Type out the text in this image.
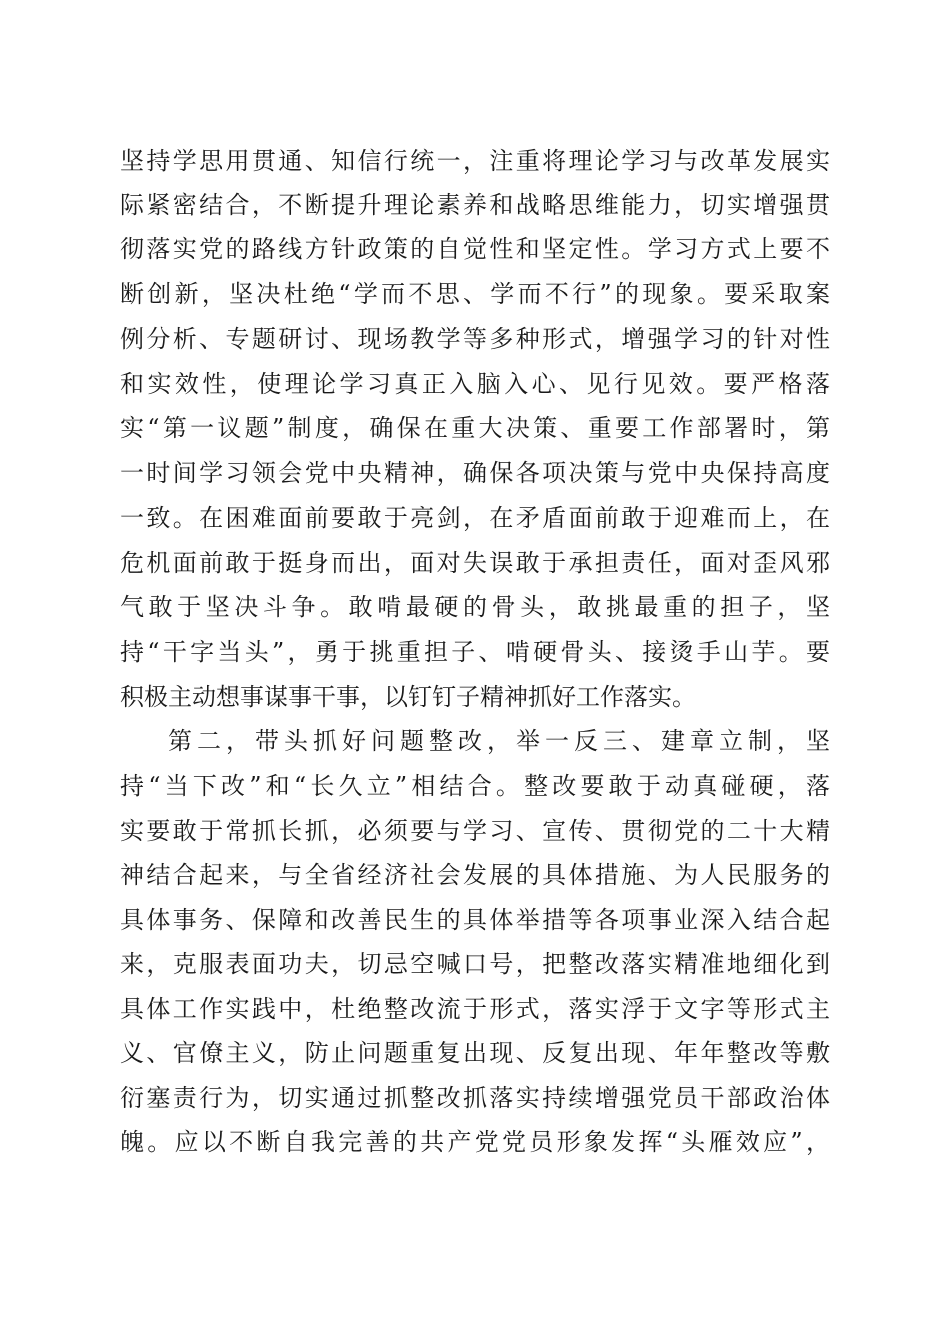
坚持学思用贯通、知信行统一，注重将理论学习与改革发展实
际紧密结合，不断提升理论素养和战略思维能力，切实增强贯
彻落实党的路线方针政策的自觉性和坚定性。学习方式上要不
断创新，坚决杜绝“学而不思、学而不行”的现象。要采取案
例分析、专题研讨、现场教学等多种形式，增强学习的针对性
和实效性，使理论学习真正入脑入心、见行见效。要严格落
实“第一议题”制度，确保在重大决策、重要工作部署时，第
一时间学习领会党中央精神，确保各项决策与党中央保持高度
一致。在困难面前要敢于亮剑，在矛盾面前敢于迎难而上，在
危机面前敢于挺身而出，面对失误敢于承担责任，面对歪风邪
气敢于坚决斗争。敢啃最硬的骨头，敢挑最重的担子，坚
持“干字当头”，勇于挑重担子、啃硬骨头、接烫手山芋。要
积极主动想事谋事干事，以钉钉子精神抓好工作落实。
第二，带头抓好问题整改，举一反三、建章立制，坚
持“当下改”和“长久立”相结合。整改要敢于动真碰硬，落
实要敢于常抓长抓，必须要与学习、宣传、贯彻党的二十大精
神结合起来，与全省经济社会发展的具体措施、为人民服务的
具体事务、保障和改善民生的具体举措等各项事业深入结合起
来，克服表面功夫，切忌空喊口号，把整改落实精准地细化到
具体工作实践中，杜绝整改流于形式，落实浮于文字等形式主
义、官僚主义，防止问题重复出现、反复出现、年年整改等敷
衍塞责行为，切实通过抓整改抓落实持续增强党员干部政治体
魄。应以不断自我完善的共产党党员形象发挥“头雁效应”，
